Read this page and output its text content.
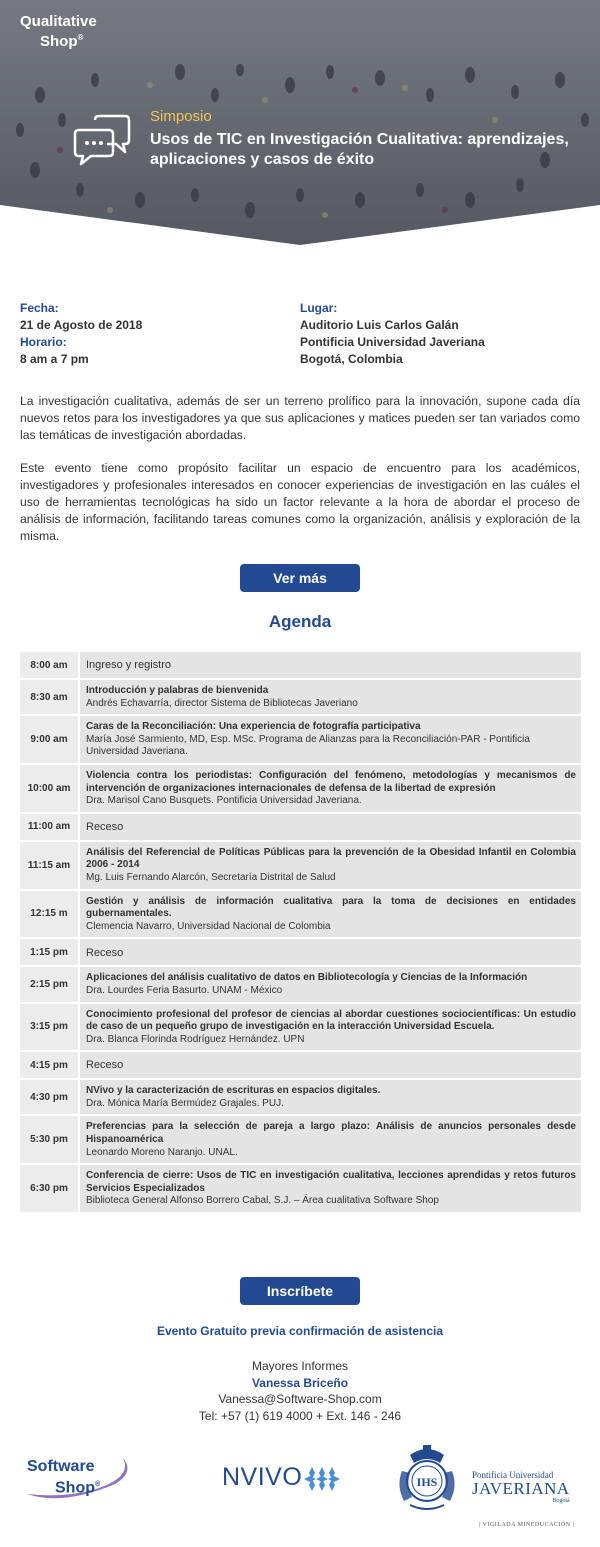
Qualitative
Shop®
Simposio
Usos de TIC en Investigación Cualitativa: aprendizajes, aplicaciones y casos de éxito
Fecha:
21 de Agosto de 2018
Horario:
8 am a 7 pm
Lugar:
Auditorio Luis Carlos Galán
Pontificia Universidad Javeriana
Bogotá, Colombia

La investigación cualitativa, además de ser un terreno prolífico para la innovación, supone cada día nuevos retos para los investigadores ya que sus aplicaciones y matices pueden ser tan variados como las temáticas de investigación abordadas.

Este evento tiene como propósito facilitar un espacio de encuentro para los académicos, investigadores y profesionales interesados en conocer experiencias de investigación en las cuáles el uso de herramientas tecnológicas ha sido un factor relevante a la hora de abordar el proceso de análisis de información, facilitando tareas comunes como la organización, análisis y exploración de la misma.

Ver más
Agenda
8:00 am	Ingreso y registro
8:30 am
Introducción y palabras de bienvenida
Andrés Echavarría, director Sistema de Bibliotecas Javeriano
9:00 am
Caras de la Reconciliación: Una experiencia de fotografía participativa
María José Sarmiento, MD, Esp. MSc. Programa de Alianzas para la Reconciliación-PAR - Pontificia Universidad Javeriana.
10:00 am
Violencia contra los periodistas: Configuración del fenómeno, metodologías y mecanismos de intervención de organizaciones internacionales de defensa de la libertad de expresión
Dra. Marisol Cano Busquets. Pontificia Universidad Javeriana.
11:00 am	Receso
11:15 am
Análisis del Referencial de Políticas Públicas para la prevención de la Obesidad Infantil en Colombia 2006 - 2014
Mg. Luis Fernando Alarcón, Secretaría Distrital de Salud
12:15 m
Gestión y análisis de información cualitativa para la toma de decisiones en entidades gubernamentales.
Clemencia Navarro, Universidad Nacional de Colombia
1:15 pm	Receso
2:15 pm
Aplicaciones del análisis cualitativo de datos en Bibliotecología y Ciencias de la Información
Dra. Lourdes Feria Basurto. UNAM - México
3:15 pm
Conocimiento profesional del profesor de ciencias al abordar cuestiones sociocientíficas: Un estudio de caso de un pequeño grupo de investigación en la interacción Universidad Escuela.
Dra. Blanca Florinda Rodríguez Hernández. UPN
4:15 pm	Receso
4:30 pm
NVivo y la caracterización de escrituras en espacios digitales.
Dra. Mónica María Bermúdez Grajales. PUJ.
5:30 pm
Preferencias para la selección de pareja a largo plazo: Análisis de anuncios personales desde Hispanoamérica
Leonardo Moreno Naranjo. UNAL.
6:30 pm
Conferencia de cierre: Usos de TIC en investigación cualitativa, lecciones aprendidas y retos futuros Servicios Especializados
Biblioteca General Alfonso Borrero Cabal, S.J. – Área cualitativa Software Shop
Inscríbete
Evento Gratuito previa confirmación de asistencia
Mayores Informes
Vanessa Briceño
Vanessa@Software-Shop.com
Tel: +57 (1) 619 4000 + Ext. 146 - 246
Software
Shop®	NVIVO	IHS	Pontificia Universidad
JAVERIANA
Bogotá
| VIGILADA MINEDUCACIÓN |
